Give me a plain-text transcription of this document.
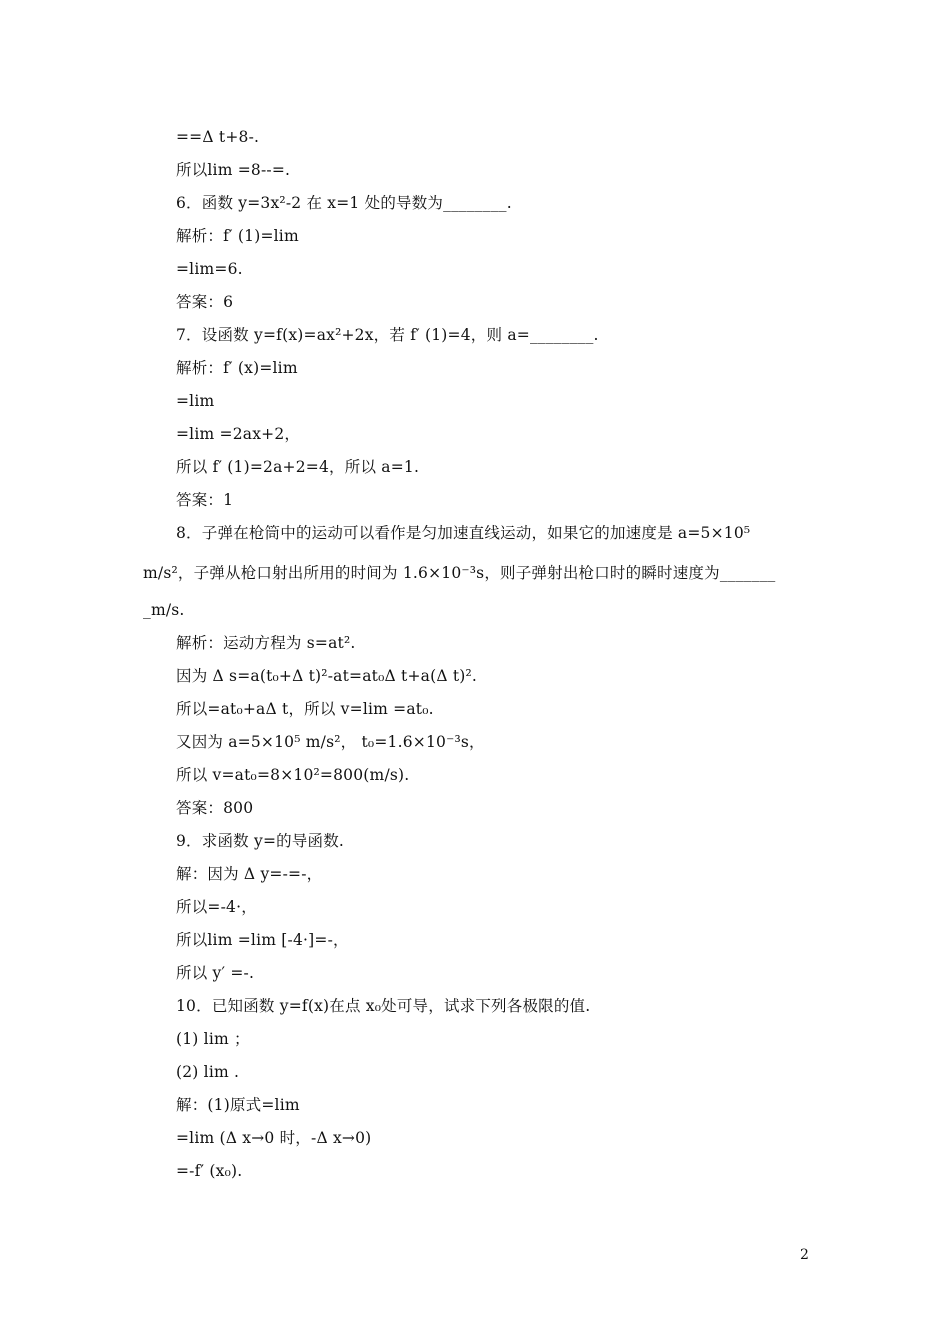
==Δ t+8-.
所以lim =8--=.
6．函数 y=3x²-2 在 x=1 处的导数为________.
解析：f′ (1)=lim
=lim=6.
答案：6
7．设函数 y=f(x)=ax²+2x，若 f′ (1)=4，则 a=________.
解析：f′ (x)=lim
=lim
=lim =2ax+2，
所以 f′ (1)=2a+2=4，所以 a=1.
答案：1
8．子弹在枪筒中的运动可以看作是匀加速直线运动，如果它的加速度是 a=5×10⁵
m/s²，子弹从枪口射出所用的时间为 1.6×10⁻³s，则子弹射出枪口时的瞬时速度为_______
_m/s.
解析：运动方程为 s=at².
因为 Δ s=a(t₀+Δ t)²-at=at₀Δ t+a(Δ t)².
所以=at₀+aΔ t，所以 v=lim =at₀.
又因为 a=5×10⁵ m/s²， t₀=1.6×10⁻³s，
所以 v=at₀=8×10²=800(m/s).
答案：800
9．求函数 y=的导函数.
解：因为 Δ y=-=-，
所以=-4·，
所以lim =lim [-4·]=-，
所以 y′ =-.
10．已知函数 y=f(x)在点 x₀处可导，试求下列各极限的值.
(1) lim ；
(2) lim .
解：(1)原式=lim
=lim (Δ x→0 时，-Δ x→0)
=-f′ (x₀).
2
